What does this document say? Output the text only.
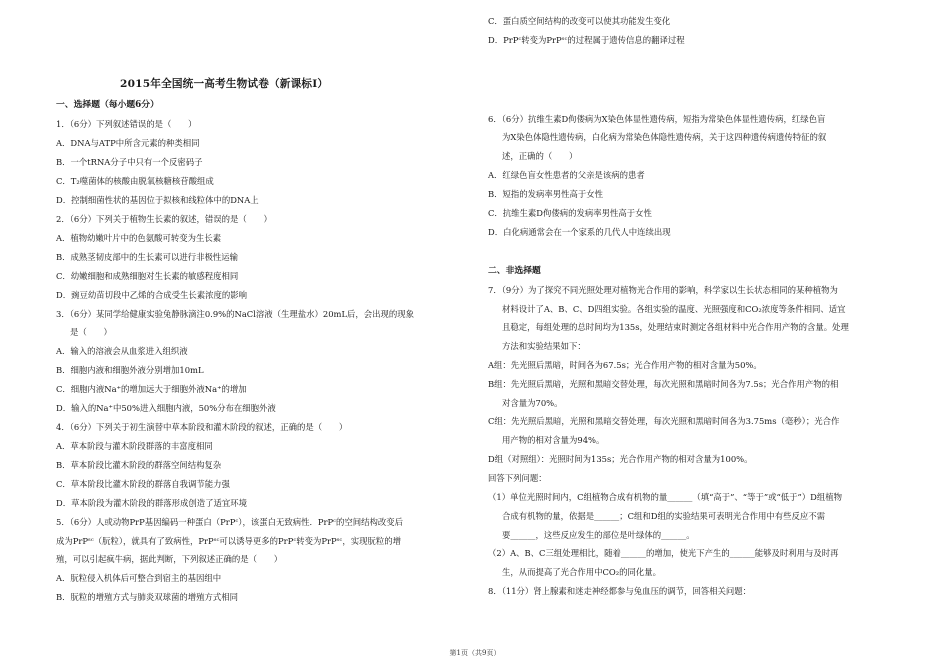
2015年全国统一高考生物试卷（新课标Ⅰ）
一、选择题（每小题6分）
1．（6分）下列叙述错误的是（　　）
A．DNA与ATP中所含元素的种类相同
B．一个tRNA分子中只有一个反密码子
C．T₂噬菌体的核酸由脱氧核糖核苷酸组成
D．控制细菌性状的基因位于拟核和线粒体中的DNA上
2．（6分）下列关于植物生长素的叙述，错误的是（　　）
A．植物幼嫩叶片中的色氨酸可转变为生长素
B．成熟茎韧皮部中的生长素可以进行非极性运输
C．幼嫩细胞和成熟细胞对生长素的敏感程度相同
D．豌豆幼苗切段中乙烯的合成受生长素浓度的影响
3．（6分）某同学给健康实验兔静脉滴注0.9%的NaCl溶液（生理盐水）20mL后，会出现的现象
是（　　）
A．输入的溶液会从血浆进入组织液
B．细胞内液和细胞外液分别增加10mL
C．细胞内液Na⁺的增加远大于细胞外液Na⁺的增加
D．输入的Na⁺中50%进入细胞内液，50%分布在细胞外液
4．（6分）下列关于初生演替中草本阶段和灌木阶段的叙述，正确的是（　　）
A．草本阶段与灌木阶段群落的丰富度相同
B．草本阶段比灌木阶段的群落空间结构复杂
C．草本阶段比灌木阶段的群落自我调节能力强
D．草本阶段为灌木阶段的群落形成创造了适宜环境
5．（6分）人或动物PrP基因编码一种蛋白（PrPᶜ），该蛋白无致病性．PrPᶜ的空间结构改变后
成为PrPˢᶜ（朊粒），就具有了致病性，PrPˢᶜ可以诱导更多的PrPᶜ转变为PrPˢᶜ，实现朊粒的增
殖，可以引起疯牛病，据此判断，下列叙述正确的是（　　）
A．朊粒侵入机体后可整合到宿主的基因组中
B．朊粒的增殖方式与肺炎双球菌的增殖方式相同
C．蛋白质空间结构的改变可以使其功能发生变化
D．PrPᶜ转变为PrPˢᶜ的过程属于遗传信息的翻译过程
6．（6分）抗维生素D佝偻病为X染色体显性遗传病，短指为常染色体显性遗传病，红绿色盲
为X染色体隐性遗传病，白化病为常染色体隐性遗传病，关于这四种遗传病遗传特征的叙
述，正确的（　　）
A．红绿色盲女性患者的父亲是该病的患者
B．短指的发病率男性高于女性
C．抗维生素D佝偻病的发病率男性高于女性
D．白化病通常会在一个家系的几代人中连续出现
二、非选择题
7．（9分）为了探究不同光照处理对植物光合作用的影响，科学家以生长状态相同的某种植物为
材料设计了A、B、C、D四组实验。各组实验的温度、光照强度和CO₂浓度等条件相同、适宜
且稳定，每组处理的总时间均为135s，处理结束时测定各组材料中光合作用产物的含量。处理
方法和实验结果如下：
A组：先光照后黑暗，时间各为67.5s；光合作用产物的相对含量为50%。
B组：先光照后黑暗，光照和黑暗交替处理，每次光照和黑暗时间各为7.5s；光合作用产物的相
对含量为70%。
C组：先光照后黑暗，光照和黑暗交替处理，每次光照和黑暗时间各为3.75ms（毫秒）；光合作
用产物的相对含量为94%。
D组（对照组）：光照时间为135s；光合作用产物的相对含量为100%。
回答下列问题：
（1）单位光照时间内，C组植物合成有机物的量______（填“高于”、“等于”或“低于”）D组植物
合成有机物的量，依据是______；C组和D组的实验结果可表明光合作用中有些反应不需
要______，这些反应发生的部位是叶绿体的______。
（2）A、B、C三组处理相比，随着______的增加，使光下产生的______能够及时利用与及时再
生，从而提高了光合作用中CO₂的同化量。
8．（11分）肾上腺素和迷走神经都参与兔血压的调节，回答相关问题：
第1页（共9页）
